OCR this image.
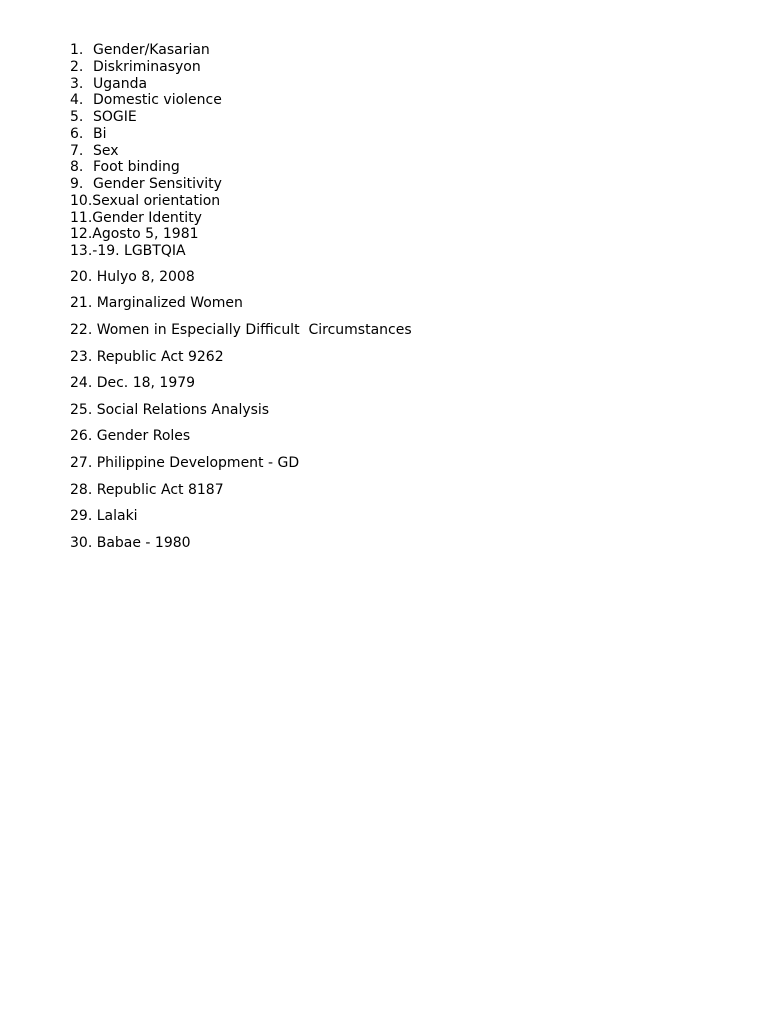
1. Gender/Kasarian
2. Diskriminasyon
3. Uganda
4. Domestic violence
5. SOGIE
6. Bi
7. Sex
8. Foot binding
9. Gender Sensitivity
10. Sexual orientation
11. Gender Identity
12. Agosto 5, 1981
13. -19. LGBTQIA

20. Hulyo 8, 2008

21. Marginalized Women

22. Women in Especially Difficult  Circumstances

23. Republic Act 9262

24. Dec. 18, 1979

25. Social Relations Analysis

26. Gender Roles

27. Philippine Development - GD

28. Republic Act 8187

29. Lalaki

30. Babae - 1980
